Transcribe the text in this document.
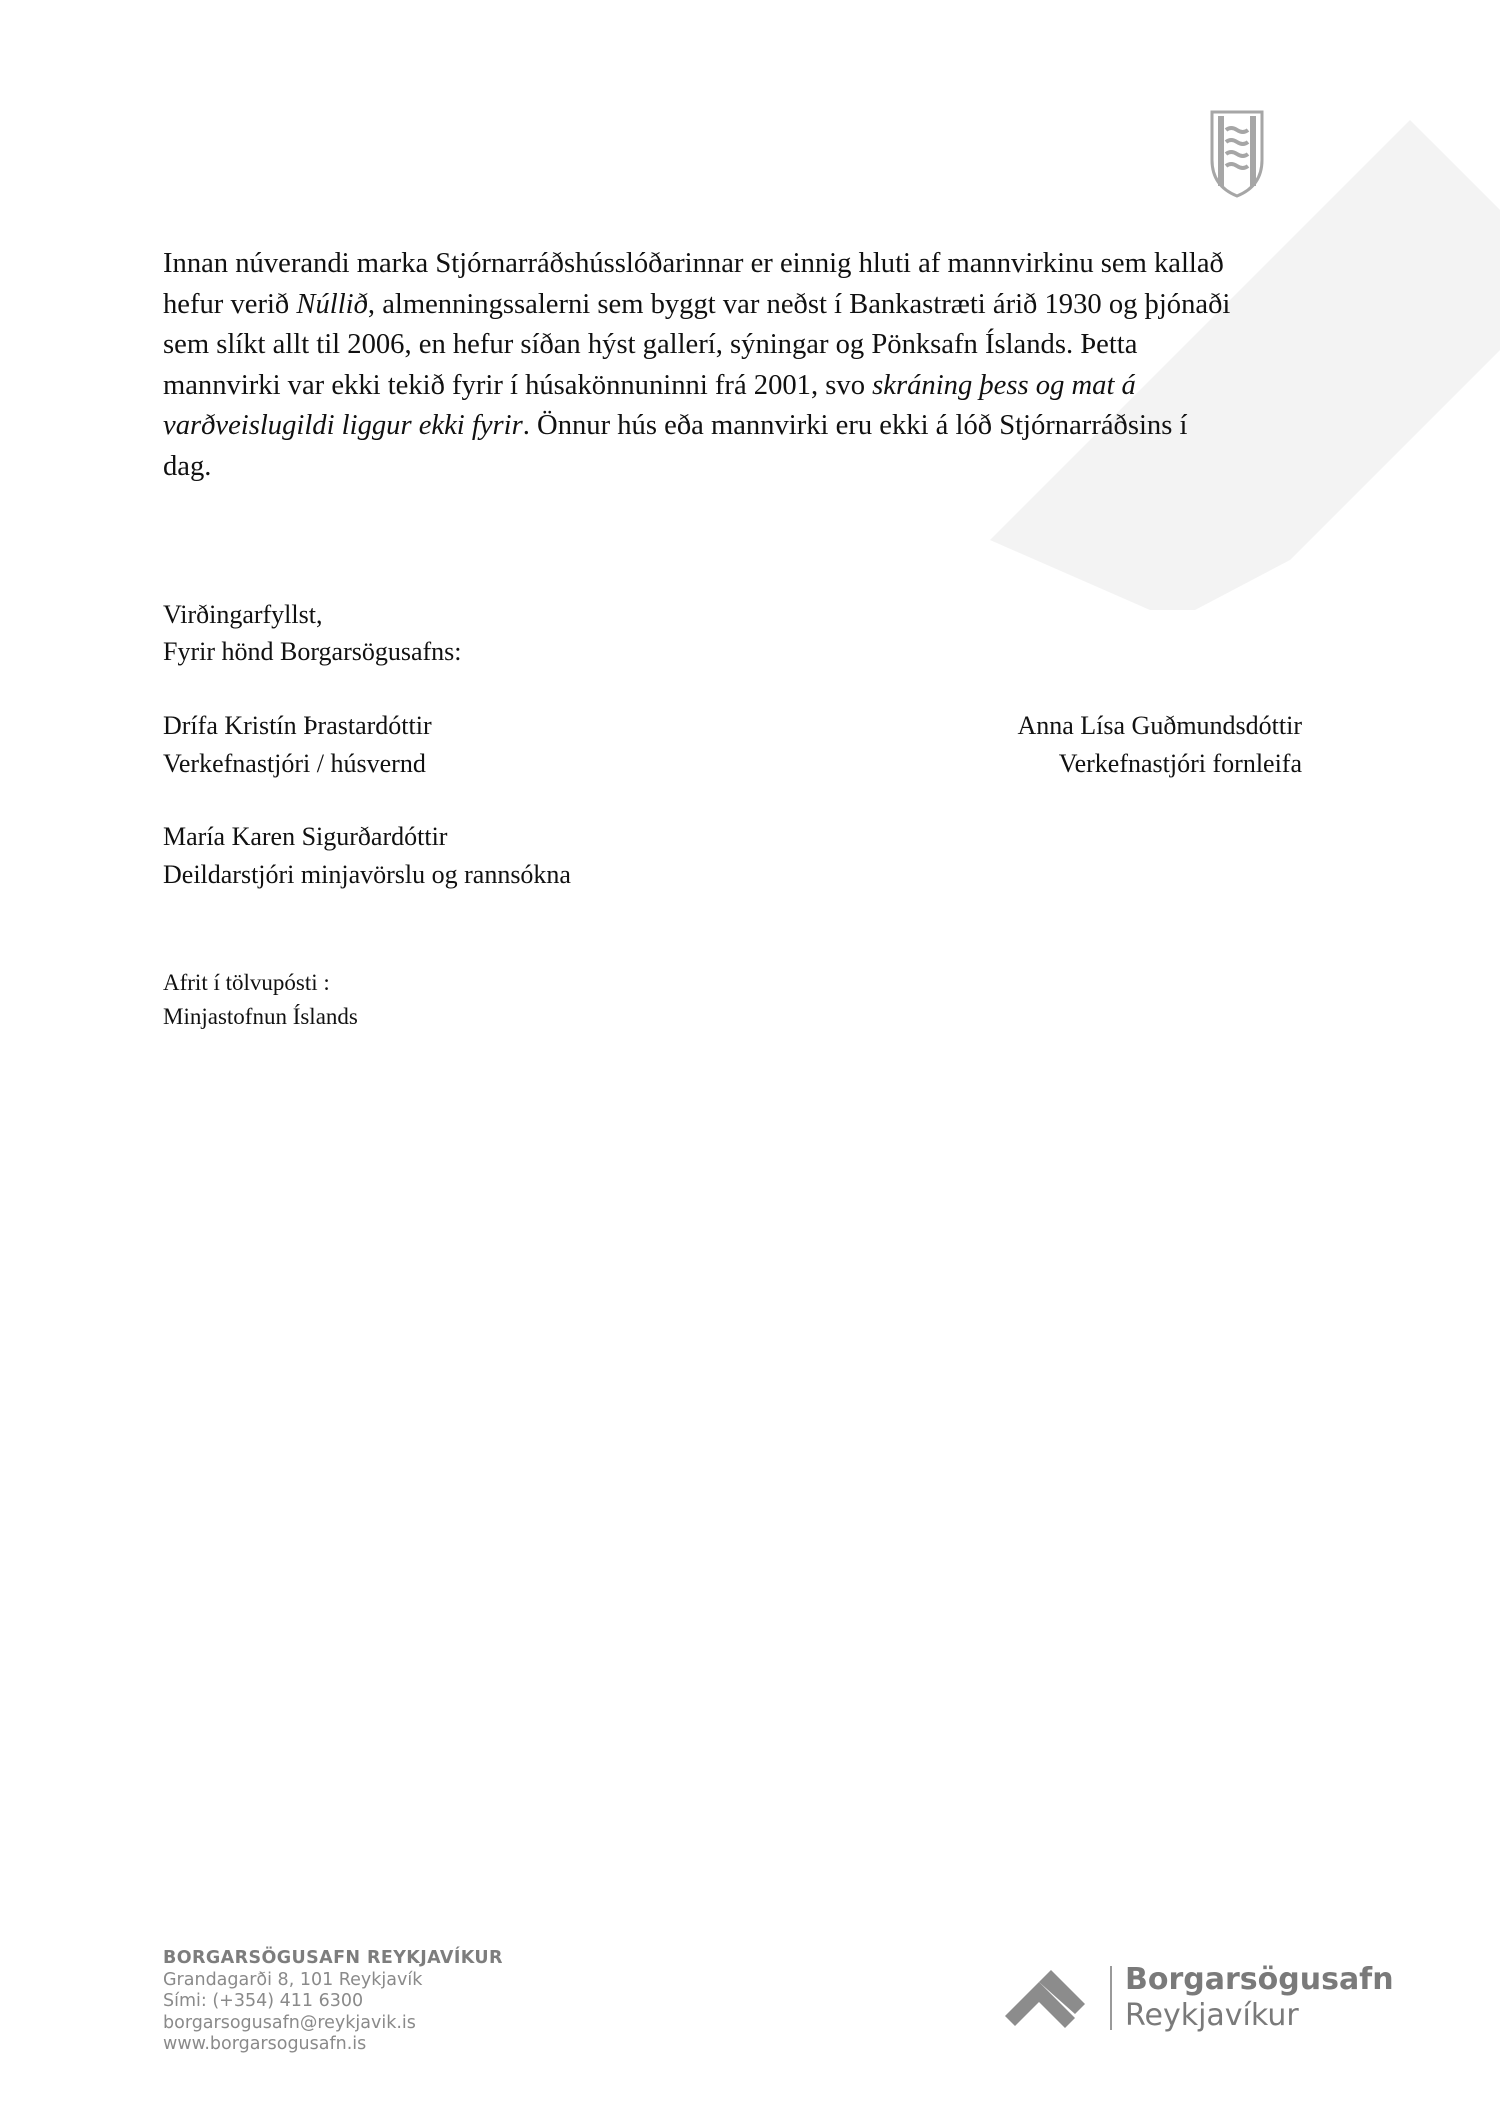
Innan núverandi marka Stjórnarráðshússlóðarinnar er einnig hluti af mannvirkinu sem kallað

hefur verið Núllið, almenningssalerni sem byggt var neðst í Bankastræti árið 1930 og þjónaði

sem slíkt allt til 2006, en hefur síðan hýst gallerí, sýningar og Pönksafn Íslands. Þetta

mannvirki var ekki tekið fyrir í húsakönnuninni frá 2001, svo skráning þess og mat á

varðveislugildi liggur ekki fyrir. Önnur hús eða mannvirki eru ekki á lóð Stjórnarráðsins í

dag.

Virðingarfyllst,
Fyrir hönd Borgarsögusafns:
Drífa Kristín Þrastardóttir
Verkefnastjóri / húsvernd
Anna Lísa Guðmundsdóttir
Verkefnastjóri fornleifa
María Karen Sigurðardóttir
Deildarstjóri minjavörslu og rannsókna
Afrit í tölvupósti :
Minjastofnun Íslands
BORGARSÖGUSAFN REYKJAVÍKUR
Grandagarði 8, 101 Reykjavík
Sími: (+354) 411 6300
borgarsogusafn@reykjavik.is
www.borgarsogusafn.is
Borgarsögusafn
Reykjavíkur
